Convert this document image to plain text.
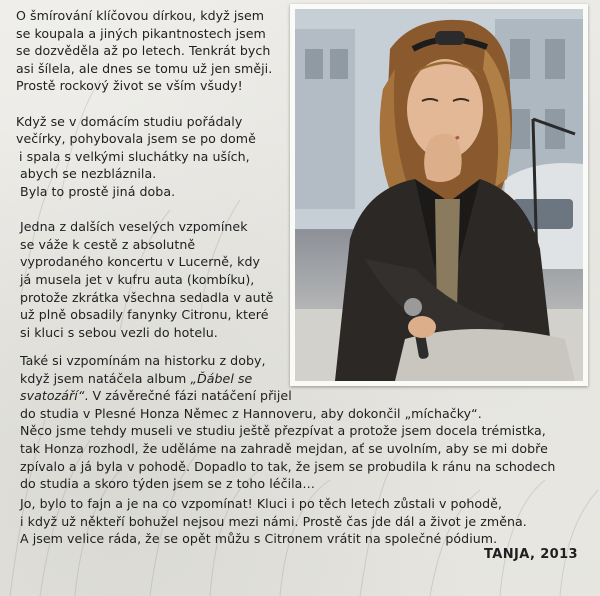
O šmírování klíčovou dírkou, když jsem
se koupala a jiných pikantnostech jsem
se dozvěděla až po letech. Tenkrát bych
asi šílela, ale dnes se tomu už jen směji.
Prostě rockový život se vším všudy!

Když se v domácím studiu pořádaly
večírky, pohybovala jsem se po domě
i spala s velkými sluchátky na uších,
abych se nezbláznila.
Byla to prostě jiná doba.

Jedna z dalších veselých vzpomínek
se váže k cestě z absolutně
vyprodaného koncertu v Lucerně, kdy
já musela jet v kufru auta (kombíku),
protože zkrátka všechna sedadla v autě
už plně obsadily fanynky Citronu, které
si kluci s sebou vezli do hotelu.

Také si vzpomínám na historku z doby,
když jsem natáčela album „Ďábel se
svatozáří“. V závěrečné fázi natáčení přijel
do studia v Plesné Honza Němec z Hannoveru, aby dokončil „míchačky“.
Něco jsme tehdy museli ve studiu ještě přezpívat a protože jsem docela trémistka,
tak Honza rozhodl, že uděláme na zahradě mejdan, ať se uvolním, aby se mi dobře
zpívalo a já byla v pohodě. Dopadlo to tak, že jsem se probudila k ránu na schodech
do studia a skoro týden jsem se z toho léčila…
Jo, bylo to fajn a je na co vzpomínat! Kluci i po těch letech zůstali v pohodě,
i když už někteří bohužel nejsou mezi námi. Prostě čas jde dál a život je změna.
A jsem velice ráda, že se opět můžu s Citronem vrátit na společné pódium.
TANJA, 2013
